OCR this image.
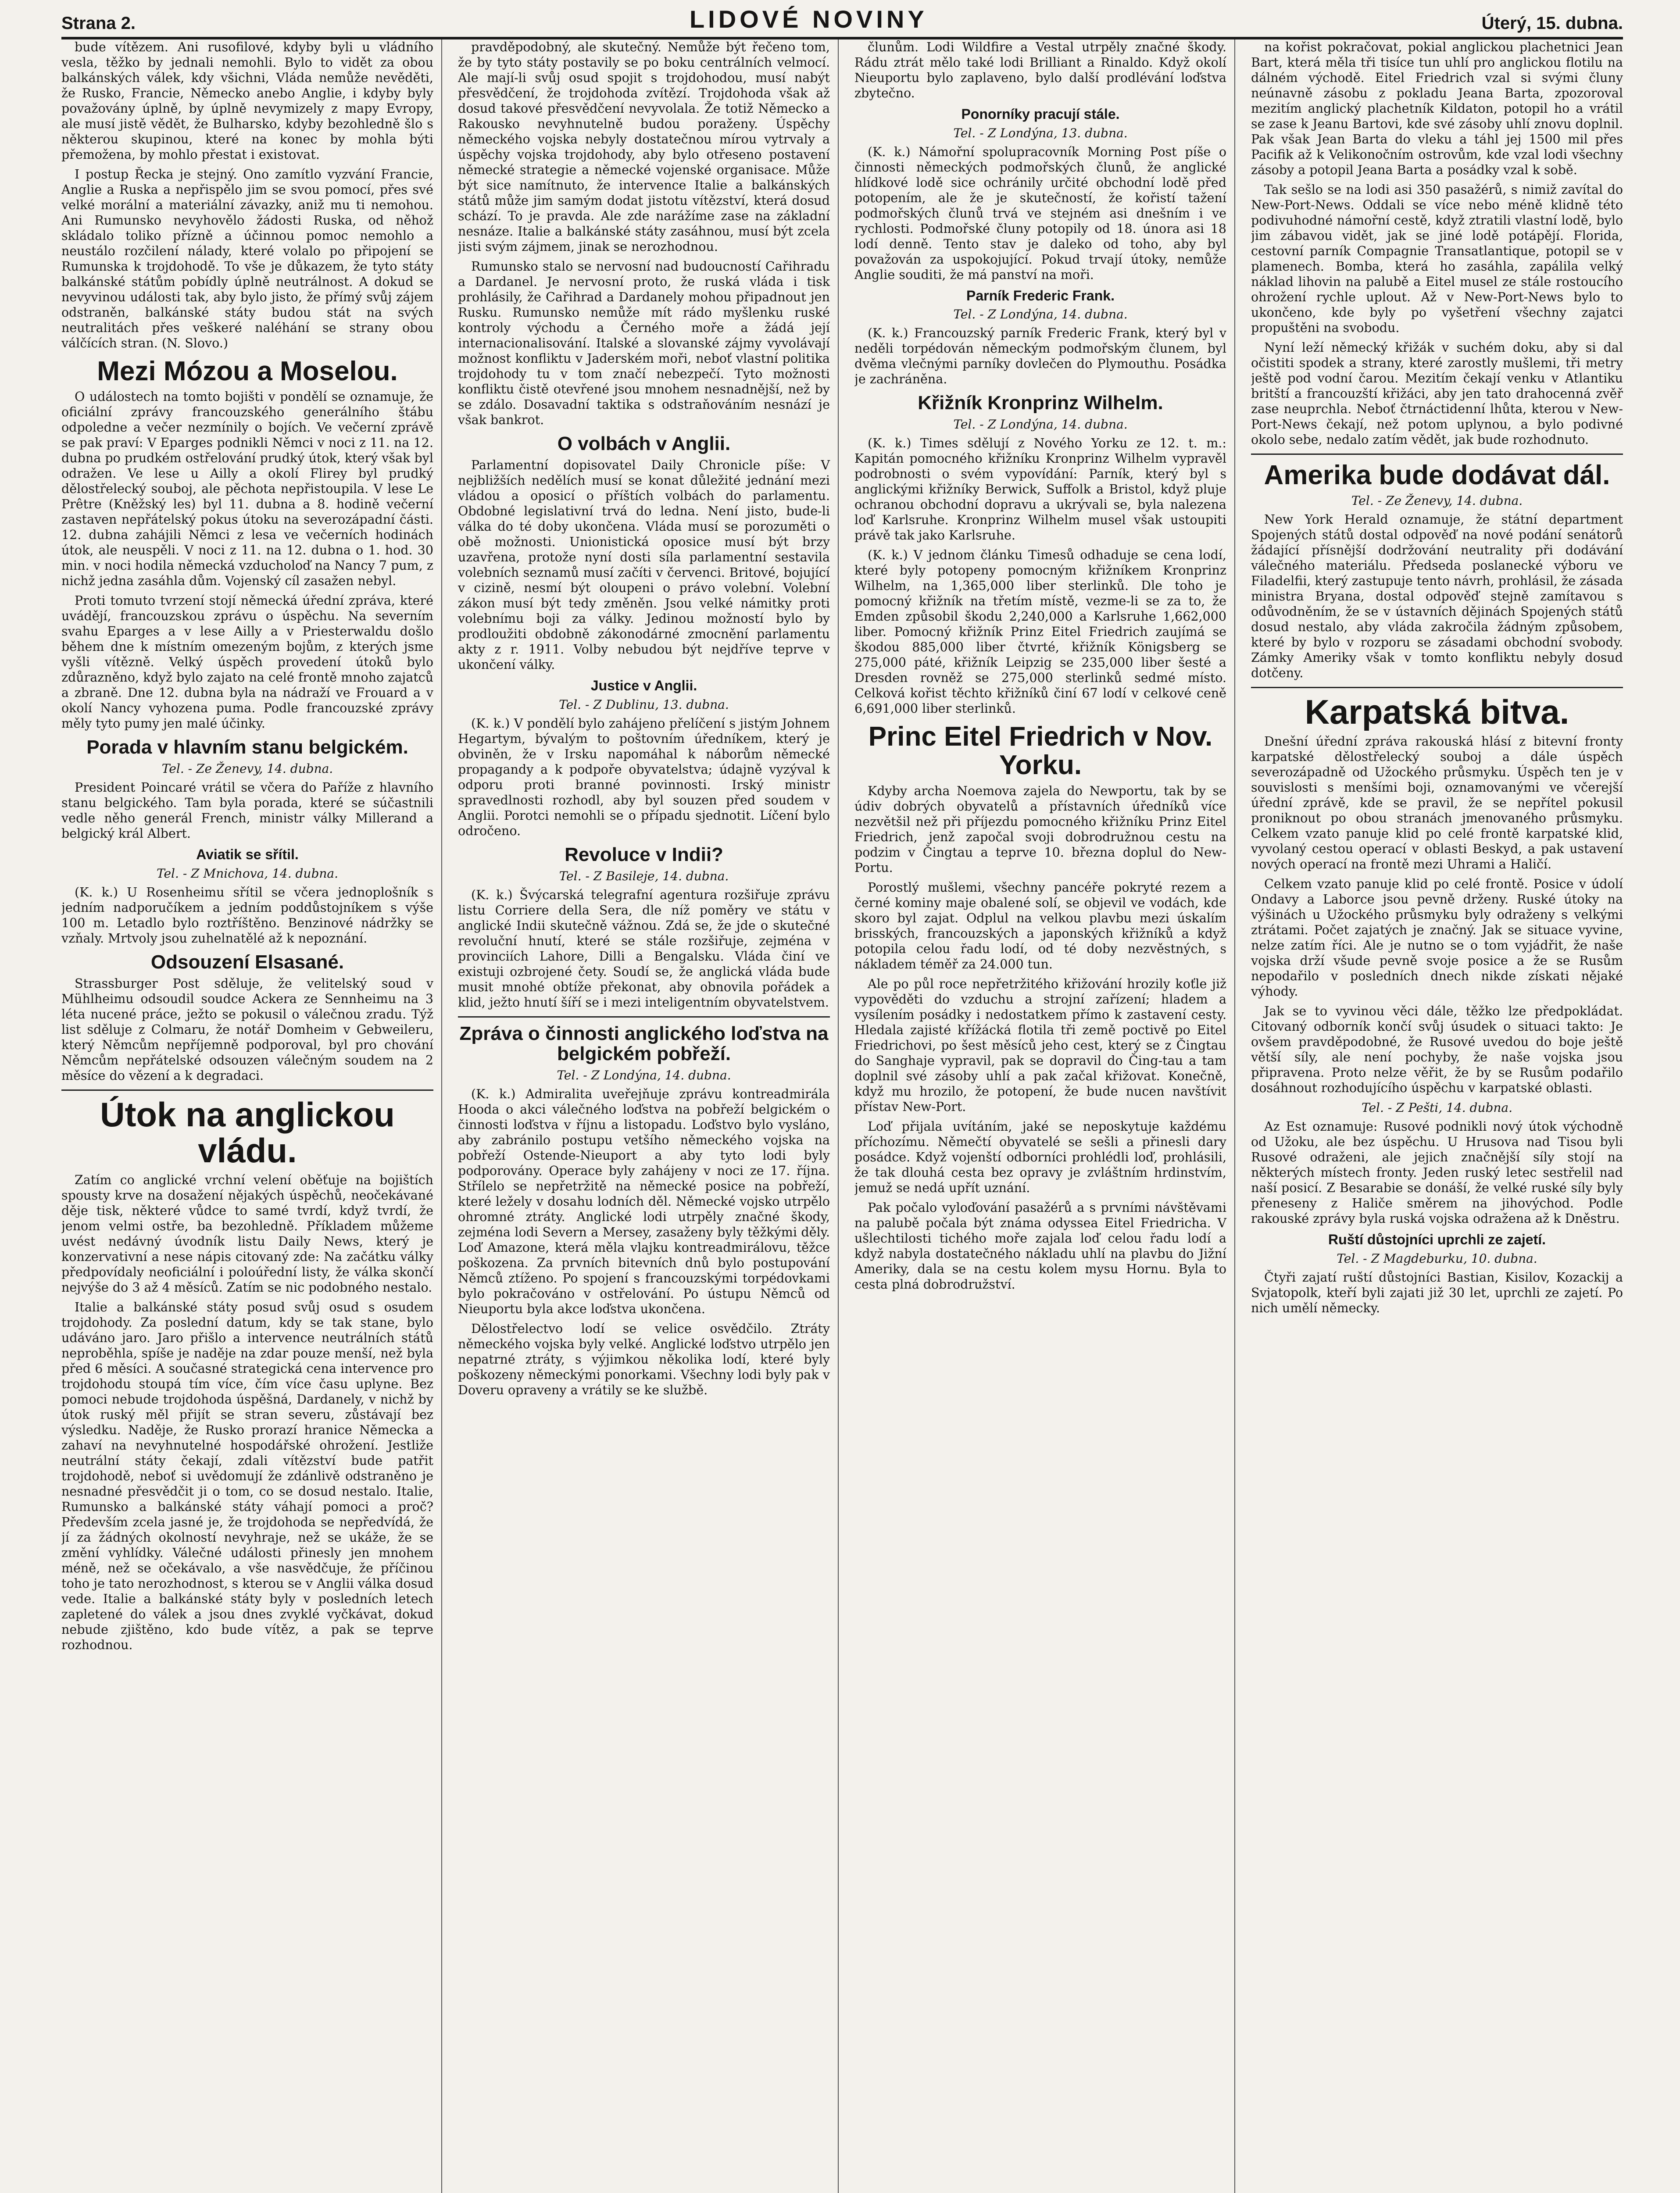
Strana 2.	LIDOVÉ NOVINY	Úterý, 15. dubna.

bude vítězem. Ani rusofilové, kdyby byli u vládního vesla, těžko by jednali nemohli. Bylo to vidět za obou balkánských válek, kdy všichni, Vláda nemůže nevěděti, že Rusko, Francie, Německo anebo Anglie, i kdyby byly považovány úplně, by úplně nevymizely z mapy Evropy, ale musí jistě vědět, že Bulharsko, kdyby bezohledně šlo s některou skupinou, které na konec by mohla býti přemožena, by mohlo přestat i existovat.

I postup Řecka je stejný. Ono zamítlo vyzvání Francie, Anglie a Ruska a nepřispělo jim se svou pomocí, přes své velké morální a materiální závazky, aniž mu ti nemohou. Ani Rumunsko nevyhovělo žádosti Ruska, od něhož skládalo toliko přízně a účinnou pomoc nemohlo a neustálo rozčilení nálady, které volalo po připojení se Rumunska k trojdohodě. To vše je důkazem, že tyto státy balkánské státům pobídly úplně neutrálnost. A dokud se nevyvinou události tak, aby bylo jisto, že přímý svůj zájem odstraněn, balkánské státy budou stát na svých neutralitách přes veškeré naléhání se strany obou válčících stran. (N. Slovo.)

Mezi Mózou a Moselou.

O událostech na tomto bojišti v pondělí se oznamuje, že oficiální zprávy francouzského generálního štábu odpoledne a večer nezmínily o bojích. Ve večerní zprávě se pak praví: V Eparges podnikli Němci v noci z 11. na 12. dubna po prudkém ostřelování prudký útok, který však byl odražen. Ve lese u Ailly a okolí Flirey byl prudký dělostřelecký souboj, ale pěchota nepřistoupila. V lese Le Prêtre (Kněžský les) byl 11. dubna a 8. hodině večerní zastaven nepřátelský pokus útoku na severozápadní části. 12. dubna zahájili Němci z lesa ve večerních hodinách útok, ale neuspěli. V noci z 11. na 12. dubna o 1. hod. 30 min. v noci hodila německá vzducholoď na Nancy 7 pum, z nichž jedna zasáhla dům. Vojenský cíl zasažen nebyl.

Proti tomuto tvrzení stojí německá úřední zpráva, které uvádějí, francouzskou zprávu o úspěchu. Na severním svahu Eparges a v lese Ailly a v Priesterwaldu došlo během dne k místním omezeným bojům, z kterých jsme vyšli vítězně. Velký úspěch provedení útoků bylo zdůrazněno, když bylo zajato na celé frontě mnoho zajatců a zbraně. Dne 12. dubna byla na nádraží ve Frouard a v okolí Nancy vyhozena puma. Podle francouzské zprávy měly tyto pumy jen malé účinky.

Porada v hlavním stanu belgickém.
Tel. - Ze Ženevy, 14. dubna.

President Poincaré vrátil se včera do Paříže z hlavního stanu belgického. Tam byla porada, které se súčastnili vedle něho generál French, ministr války Millerand a belgický král Albert.

Aviatik se sřítil.
Tel. - Z Mnichova, 14. dubna.

(K. k.) U Rosenheimu sřítil se včera jednoplošník s jedním nadporučíkem a jedním poddůstojníkem s výše 100 m. Letadlo bylo roztříštěno. Benzinové nádržky se vzňaly. Mrtvoly jsou zuhelnatělé až k nepoznání.

Odsouzení Elsasané.

Strassburger Post sděluje, že velitelský soud v Mühlheimu odsoudil soudce Ackera ze Sennheimu na 3 léta nucené práce, ježto se pokusil o válečnou zradu. Týž list sděluje z Colmaru, že notář Domheim v Gebweileru, který Němcům nepříjemně podporoval, byl pro chování Němcům nepřátelské odsouzen válečným soudem na 2 měsíce do vězení a k degradaci.

Útok na anglickou vládu.

Zatím co anglické vrchní velení oběťuje na bojištích spousty krve na dosažení nějakých úspěchů, neočekávané děje tisk, některé vůdce to samé tvrdí, když tvrdí, že jenom velmi ostře, ba bezohledně. Příkladem můžeme uvést nedávný úvodník listu Daily News, který je konzervativní a nese nápis citovaný zde: Na začátku války předpovídaly neoficiální i poloúřední listy, že válka skončí nejvýše do 3 až 4 měsíců. Zatím se nic podobného nestalo.

Italie a balkánské státy posud svůj osud s osudem trojdohody. Za poslední datum, kdy se tak stane, bylo udáváno jaro. Jaro přišlo a intervence neutrálních států neproběhla, spíše je naděje na zdar pouze menší, než byla před 6 měsíci. A současné strategická cena intervence pro trojdohodu stoupá tím více, čím více času uplyne. Bez pomoci nebude trojdohoda úspěšná, Dardanely, v nichž by útok ruský měl přijít se stran severu, zůstávají bez výsledku. Naděje, že Rusko prorazí hranice Německa a zahaví na nevyhnutelné hospodářské ohrožení. Jestliže neutrální státy čekají, zdali vítězství bude patřit trojdohodě, neboť si uvědomují že zdánlivě odstraněno je nesnadné přesvědčit ji o tom, co se dosud nestalo. Italie, Rumunsko a balkánské státy váhají pomoci a proč? Především zcela jasné je, že trojdohoda se nepředvídá, že jí za žádných okolností nevyhraje, než se ukáže, že se změní vyhlídky. Válečné události přinesly jen mnohem méně, než se očekávalo, a vše nasvědčuje, že příčinou toho je tato nerozhodnost, s kterou se v Anglii válka dosud vede. Italie a balkánské státy byly v posledních letech zapletené do válek a jsou dnes zvyklé vyčkávat, dokud nebude zjištěno, kdo bude vítěz, a pak se teprve rozhodnou.

pravděpodobný, ale skutečný. Nemůže být řečeno tom, že by tyto státy postavily se po boku centrálních velmocí. Ale mají-li svůj osud spojit s trojdohodou, musí nabýt přesvědčení, že trojdohoda zvítězí. Trojdohoda však až dosud takové přesvědčení nevyvolala. Že totiž Německo a Rakousko nevyhnutelně budou poraženy. Úspěchy německého vojska nebyly dostatečnou mírou vytrvaly a úspěchy vojska trojdohody, aby bylo otřeseno postavení německé strategie a německé vojenské organisace. Může být sice namítnuto, že intervence Italie a balkánských států může jim samým dodat jistotu vítězství, která dosud schází. To je pravda. Ale zde narážíme zase na základní nesnáze. Italie a balkánské státy zasáhnou, musí být zcela jisti svým zájmem, jinak se nerozhodnou.

Rumunsko stalo se nervosní nad budoucností Cařihradu a Dardanel. Je nervosní proto, že ruská vláda i tisk prohlásily, že Cařihrad a Dardanely mohou připadnout jen Rusku. Rumunsko nemůže mít rádo myšlenku ruské kontroly východu a Černého moře a žádá její internacionalisování. Italské a slovanské zájmy vyvolávají možnost konfliktu v Jaderském moři, neboť vlastní politika trojdohody tu v tom značí nebezpečí. Tyto možnosti konfliktu čistě otevřené jsou mnohem nesnadnější, než by se zdálo. Dosavadní taktika s odstraňováním nesnází je však bankrot.

O volbách v Anglii.

Parlamentní dopisovatel Daily Chronicle píše: V nejbližších nedělích musí se konat důležité jednání mezi vládou a oposicí o příštích volbách do parlamentu. Obdobné legislativní trvá do ledna. Není jisto, bude-li válka do té doby ukončena. Vláda musí se porozuměti o obě možnosti. Unionistická oposice musí být brzy uzavřena, protože nyní dosti síla parlamentní sestavila volebních seznamů musí začíti v červenci. Britové, bojující v cizině, nesmí být oloupeni o právo volební. Volební zákon musí být tedy změněn. Jsou velké námitky proti volebnímu boji za války. Jedinou možností bylo by prodloužiti obdobně zákonodárné zmocnění parlamentu akty z r. 1911. Volby nebudou být nejdříve teprve v ukončení války.

Justice v Anglii.
Tel. - Z Dublinu, 13. dubna.

(K. k.) V pondělí bylo zahájeno přelíčení s jistým Johnem Hegartym, bývalým to poštovním úředníkem, který je obviněn, že v Irsku napomáhal k náborům německé propagandy a k podpoře obyvatelstva; údajně vyzýval k odporu proti branné povinnosti. Irský ministr spravedlnosti rozhodl, aby byl souzen před soudem v Anglii. Porotci nemohli se o případu sjednotit. Líčení bylo odročeno.

Revoluce v Indii?
Tel. - Z Basileje, 14. dubna.

(K. k.) Švýcarská telegrafní agentura rozšiřuje zprávu listu Corriere della Sera, dle níž poměry ve státu v anglické Indii skutečně vážnou. Zdá se, že jde o skutečné revoluční hnutí, které se stále rozšiřuje, zejména v provinciích Lahore, Dilli a Bengalsku. Vláda činí ve existuji ozbrojené čety. Soudí se, že anglická vláda bude musit mnohé obtíže překonat, aby obnovila pořádek a klid, ježto hnutí šíří se i mezi inteligentním obyvatelstvem.

Zpráva o činnosti anglického loďstva na belgickém pobřeží.
Tel. - Z Londýna, 14. dubna.

(K. k.) Admiralita uveřejňuje zprávu kontreadmirála Hooda o akci válečného loďstva na pobřeží belgickém o činnosti loďstva v říjnu a listopadu. Loďstvo bylo vysláno, aby zabránilo postupu vetšího německého vojska na pobřeží Ostende-Nieuport a aby tyto lodi byly podporovány. Operace byly zahájeny v noci ze 17. října. Střílelo se nepřetržitě na německé posice na pobřeží, které ležely v dosahu lodních děl. Německé vojsko utrpělo ohromné ztráty. Anglické lodi utrpěly značné škody, zejména lodi Severn a Mersey, zasaženy byly těžkými děly. Loď Amazone, která měla vlajku kontreadmirálovu, těžce poškozena. Za prvních bitevních dnů bylo postupování Němců ztíženo. Po spojení s francouzskými torpédovkami bylo pokračováno v ostřelování. Po ústupu Němců od Nieuportu byla akce loďstva ukončena.

Dělostřelectvo lodí se velice osvědčilo. Ztráty německého vojska byly velké. Anglické loďstvo utrpělo jen nepatrné ztráty, s výjimkou několika lodí, které byly poškozeny německými ponorkami. Všechny lodi byly pak v Doveru opraveny a vrátily se ke službě.

člunům. Lodi Wildfire a Vestal utrpěly značné škody. Rádu ztrát mělo také lodi Brilliant a Rinaldo. Když okolí Nieuportu bylo zaplaveno, bylo další prodlévání loďstva zbytečno.

Ponorníky pracují stále.
Tel. - Z Londýna, 13. dubna.

(K. k.) Námořní spolupracovník Morning Post píše o činnosti německých podmořských člunů, že anglické hlídkové lodě sice ochránily určité obchodní lodě před potopením, ale že je skutečností, že kořistí tažení podmořských člunů trvá ve stejném asi dnešním i ve rychlosti. Podmořské čluny potopily od 18. února asi 18 lodí denně. Tento stav je daleko od toho, aby byl považován za uspokojující. Pokud trvají útoky, nemůže Anglie souditi, že má panství na moři.

Parník Frederic Frank.
Tel. - Z Londýna, 14. dubna.

(K. k.) Francouzský parník Frederic Frank, který byl v neděli torpédován německým podmořským člunem, byl dvěma vlečnými parníky dovlečen do Plymouthu. Posádka je zachráněna.

Křižník Kronprinz Wilhelm.
Tel. - Z Londýna, 14. dubna.

(K. k.) Times sdělují z Nového Yorku ze 12. t. m.: Kapitán pomocného křižníku Kronprinz Wilhelm vypravěl podrobnosti o svém vypovídání: Parník, který byl s anglickými křižníky Berwick, Suffolk a Bristol, když pluje ochranou obchodní dopravu a ukrývali se, byla nalezena loď Karlsruhe. Kronprinz Wilhelm musel však ustoupiti právě tak jako Karlsruhe.

(K. k.) V jednom článku Timesů odhaduje se cena lodí, které byly potopeny pomocným křižníkem Kronprinz Wilhelm, na 1,365,000 liber sterlinků. Dle toho je pomocný křižník na třetím místě, vezme-li se za to, že Emden způsobil škodu 2,240,000 a Karlsruhe 1,662,000 liber. Pomocný křižník Prinz Eitel Friedrich zaujímá se škodou 885,000 liber čtvrté, křižník Königsberg se 275,000 páté, křižník Leipzig se 235,000 liber šesté a Dresden rovněž se 275,000 sterlinků sedmé místo. Celková kořist těchto křižníků činí 67 lodí v celkové ceně 6,691,000 liber sterlinků.

Princ Eitel Friedrich v Nov. Yorku.

Kdyby archa Noemova zajela do Newportu, tak by se údiv dobrých obyvatelů a přístavních úředníků více nezvětšil než při příjezdu pomocného křižníku Prinz Eitel Friedrich, jenž započal svoji dobrodružnou cestu na podzim v Čingtau a teprve 10. března doplul do New-Portu.

Porostlý mušlemi, všechny pancéře pokryté rezem a černé kominy maje obalené solí, se objevil ve vodách, kde skoro byl zajat. Odplul na velkou plavbu mezi úskalím brisských, francouzských a japonských křižníků a když potopila celou řadu lodí, od té doby nezvěstných, s nákladem téměř za 24.000 tun.

Ale po půl roce nepřetržitého křižování hrozily koťle již vypověděti do vzduchu a strojní zařízení; hladem a vysílením posádky i nedostatkem přímo k zastavení cesty. Hledala zajisté křížácká flotila tři země poctivě po Eitel Friedrichovi, po šest měsíců jeho cest, který se z Čingtau do Sanghaje vypravil, pak se dopravil do Čing-tau a tam doplnil své zásoby uhlí a pak začal křižovat. Konečně, když mu hrozilo, že potopení, že bude nucen navštívit přístav New-Port.

Loď přijala uvítáním, jaké se neposkytuje každému příchozímu. Němečtí obyvatelé se sešli a přinesli dary posádce. Když vojenští odborníci prohlédli loď, prohlásili, že tak dlouhá cesta bez opravy je zvláštním hrdinstvím, jemuž se nedá upřít uznání.

Pak počalo vyloďování pasažérů a s prvními návštěvami na palubě počala být známa odyssea Eitel Friedricha. V ušlechtilosti tichého moře zajala loď celou řadu lodí a když nabyla dostatečného nákladu uhlí na plavbu do Jižní Ameriky, dala se na cestu kolem mysu Hornu. Byla to cesta plná dobrodružství.

na kořist pokračovat, pokial anglickou plachetnici Jean Bart, která měla tři tisíce tun uhlí pro anglickou flotilu na dálném východě. Eitel Friedrich vzal si svými čluny neúnavně zásobu z pokladu Jeana Barta, zpozoroval mezitím anglický plachetník Kildaton, potopil ho a vrátil se zase k Jeanu Bartovi, kde své zásoby uhlí znovu doplnil. Pak však Jean Barta do vleku a táhl jej 1500 mil přes Pacifik až k Velikonočním ostrovům, kde vzal lodi všechny zásoby a potopil Jeana Barta a posádky vzal k sobě.

Tak sešlo se na lodi asi 350 pasažérů, s nimiž zavítal do New-Port-News. Oddali se více nebo méně klidně této podivuhodné námořní cestě, když ztratili vlastní lodě, bylo jim zábavou vidět, jak se jiné lodě potápějí. Florida, cestovní parník Compagnie Transatlantique, potopil se v plamenech. Bomba, která ho zasáhla, zapálila velký náklad lihovin na palubě a Eitel musel ze stále rostoucího ohrožení rychle uplout. Až v New-Port-News bylo to ukončeno, kde byly po vyšetření všechny zajatci propuštěni na svobodu.

Nyní leží německý křižák v suchém doku, aby si dal očistiti spodek a strany, které zarostly mušlemi, tři metry ještě pod vodní čarou. Mezitím čekají venku v Atlantiku britští a francouzští křižáci, aby jen tato drahocenná zvěř zase neuprchla. Neboť čtrnáctidenní lhůta, kterou v New-Port-News čekají, než potom uplynou, a bylo podivné okolo sebe, nedalo zatím vědět, jak bude rozhodnuto.

Amerika bude dodávat dál.
Tel. - Ze Ženevy, 14. dubna.

New York Herald oznamuje, že státní department Spojených států dostal odpověď na nové podání senátorů žádající přísnější dodržování neutrality při dodávání válečného materiálu. Předseda poslanecké výboru ve Filadelfii, který zastupuje tento návrh, prohlásil, že zásada ministra Bryana, dostal odpověď stejně zamítavou s odůvodněním, že se v ústavních dějinách Spojených států dosud nestalo, aby vláda zakročila žádným způsobem, které by bylo v rozporu se zásadami obchodní svobody. Zámky Ameriky však v tomto konfliktu nebyly dosud dotčeny.

Karpatská bitva.

Dnešní úřední zpráva rakouská hlásí z bitevní fronty karpatské dělostřelecký souboj a dále úspěch severozápadně od Užockého průsmyku. Úspěch ten je v souvislosti s menšími boji, oznamovanými ve včerejší úřední zprávě, kde se pravil, že se nepřítel pokusil proniknout po obou stranách jmenovaného průsmyku. Celkem vzato panuje klid po celé frontě karpatské klid, vyvolaný cestou operací v oblasti Beskyd, a pak ustavení nových operací na frontě mezi Uhrami a Haličí.

Celkem vzato panuje klid po celé frontě. Posice v údolí Ondavy a Laborce jsou pevně drženy. Ruské útoky na výšinách u Užockého průsmyku byly odraženy s velkými ztrátami. Počet zajatých je značný. Jak se situace vyvine, nelze zatím říci. Ale je nutno se o tom vyjádřit, že naše vojska drží všude pevně svoje posice a že se Rusům nepodařilo v posledních dnech nikde získati nějaké výhody.

Jak se to vyvinou věci dále, těžko lze předpokládat. Citovaný odborník končí svůj úsudek o situaci takto: Je ovšem pravděpodobné, že Rusové uvedou do boje ještě větší síly, ale není pochyby, že naše vojska jsou připravena. Proto nelze věřit, že by se Rusům podařilo dosáhnout rozhodujícího úspěchu v karpatské oblasti.

Tel. - Z Pešti, 14. dubna.

Az Est oznamuje: Rusové podnikli nový útok východně od Užoku, ale bez úspěchu. U Hrusova nad Tisou byli Rusové odraženi, ale jejich značnější síly stojí na některých místech fronty. Jeden ruský letec sestřelil nad naší posicí. Z Besarabie se donáší, že velké ruské síly byly přeneseny z Haliče směrem na jihovýchod. Podle rakouské zprávy byla ruská vojska odražena až k Dněstru.

Ruští důstojníci uprchli ze zajetí.
Tel. - Z Magdeburku, 10. dubna.

Čtyři zajatí ruští důstojníci Bastian, Kisilov, Kozackij a Svjatopolk, kteří byli zajati již 30 let, uprchli ze zajetí. Po nich umělí německy.
